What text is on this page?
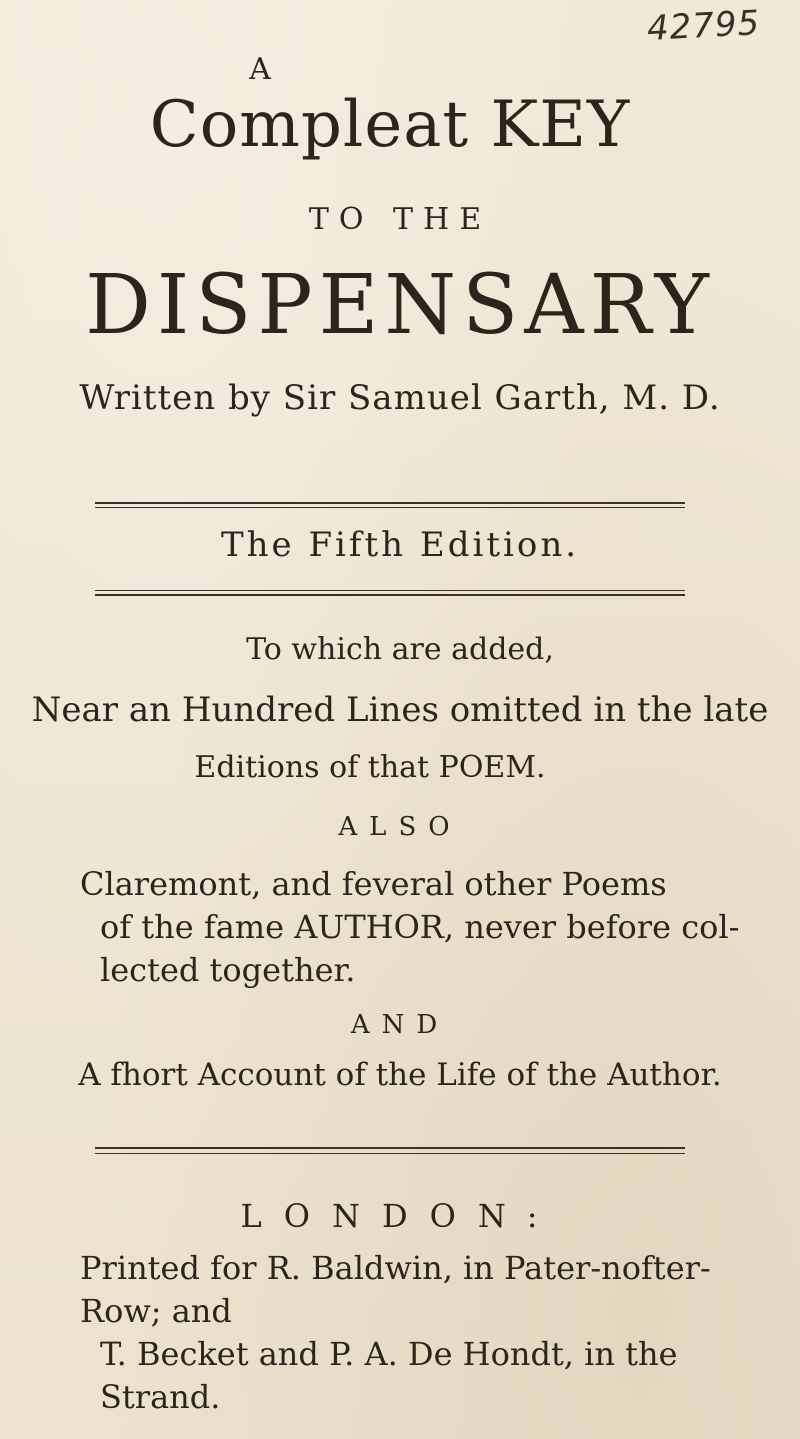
42795
A
Compleat KEY
TO THE
DISPENSARY
Written by Sir Samuel Garth, M. D.
The Fifth Edition.
To which are added,
Near an Hundred Lines omitted in the late
Editions of that POEM.
ALSO
Claremont, and feveral other Poems
of the fame AUTHOR, never before col-
lected together.
AND
A fhort Account of the Life of the Author.
LONDON:
Printed for R. Baldwin, in Pater-nofter-Row; and
T. Becket and P. A. De Hondt, in the Strand.
